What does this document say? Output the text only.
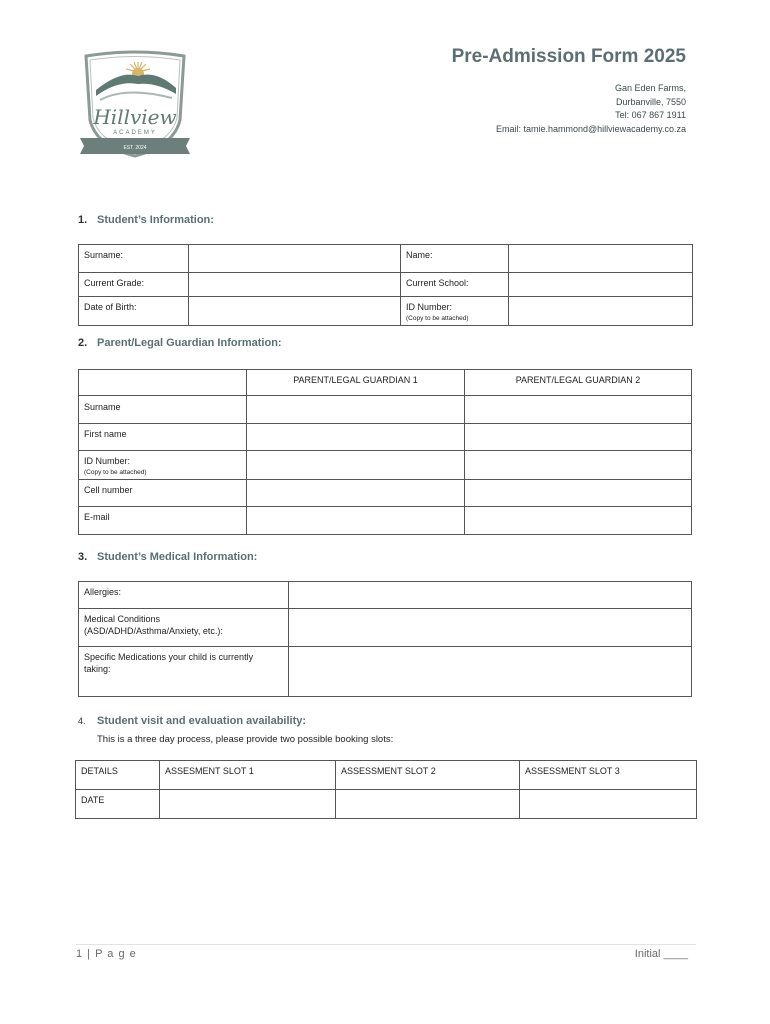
Hillview
ACADEMY
EST. 2024
Pre-Admission Form 2025
Gan Eden Farms,
Durbanville, 7550
Tel: 067 867 1911
Email: tamie.hammond@hillviewacademy.co.za
1. Student’s Information:
Surname:		Name:	
Current Grade:		Current School:	
Date of Birth:		ID Number:
(Copy to be attached)	

2. Parent/Legal Guardian Information:
	PARENT/LEGAL GUARDIAN 1	PARENT/LEGAL GUARDIAN 2
Surname		
First name		
ID Number:
(Copy to be attached)		

Cell number		
E-mail		
3. Student’s Medical Information:
Allergies:	

Medical Conditions
(ASD/ADHD/Asthma/Anxiety, etc.):	

Specific Medications your child is currently
taking:	

4. Student visit and evaluation availability:
This is a three day process, please provide two possible booking slots:
DETAILS	ASSESMENT SLOT 1	ASSESSMENT SLOT 2	ASSESSMENT SLOT 3
DATE			
1 | P a g e	Initial ____
